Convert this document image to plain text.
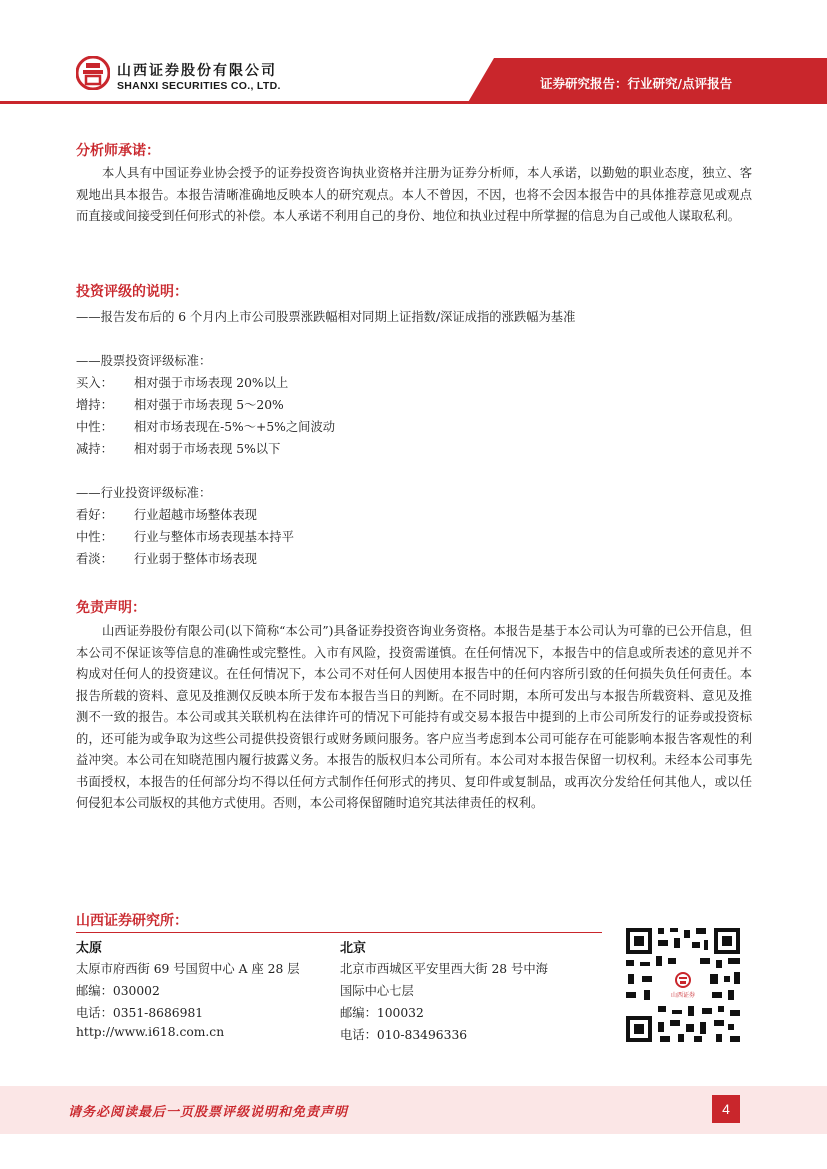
山西证券股份有限公司
SHANXI SECURITIES CO., LTD.	证券研究报告：行业研究/点评报告
分析师承诺：

本人具有中国证券业协会授予的证券投资咨询执业资格并注册为证券分析师，本人承诺，以勤勉的职业态度，独立、客观地出具本报告。本报告清晰准确地反映本人的研究观点。本人不曾因，不因，也将不会因本报告中的具体推荐意见或观点而直接或间接受到任何形式的补偿。本人承诺不利用自己的身份、地位和执业过程中所掌握的信息为自己或他人谋取私利。

投资评级的说明：
——报告发布后的 6 个月内上市公司股票涨跌幅相对同期上证指数/深证成指的涨跌幅为基准
——股票投资评级标准：
买入： 相对强于市场表现 20%以上
增持： 相对强于市场表现 5～20%
中性： 相对市场表现在-5%～+5%之间波动
减持： 相对弱于市场表现 5%以下
——行业投资评级标准：
看好： 行业超越市场整体表现
中性： 行业与整体市场表现基本持平
看淡： 行业弱于整体市场表现
免责声明：

山西证券股份有限公司(以下简称“本公司”)具备证券投资咨询业务资格。本报告是基于本公司认为可靠的已公开信息，但本公司不保证该等信息的准确性或完整性。入市有风险，投资需谨慎。在任何情况下，本报告中的信息或所表述的意见并不构成对任何人的投资建议。在任何情况下，本公司不对任何人因使用本报告中的任何内容所引致的任何损失负任何责任。本报告所载的资料、意见及推测仅反映本所于发布本报告当日的判断。在不同时期，本所可发出与本报告所载资料、意见及推测不一致的报告。本公司或其关联机构在法律许可的情况下可能持有或交易本报告中提到的上市公司所发行的证券或投资标的，还可能为或争取为这些公司提供投资银行或财务顾问服务。客户应当考虑到本公司可能存在可能影响本报告客观性的利益冲突。本公司在知晓范围内履行披露义务。本报告的版权归本公司所有。本公司对本报告保留一切权利。未经本公司事先书面授权，本报告的任何部分均不得以任何方式制作任何形式的拷贝、复印件或复制品，或再次分发给任何其他人，或以任何侵犯本公司版权的其他方式使用。否则，本公司将保留随时追究其法律责任的权利。

山西证券研究所：
太原
太原市府西街 69 号国贸中心 A 座 28 层
邮编：030002
电话：0351-8686981
http://www.i618.com.cn
北京
北京市西城区平安里西大街 28 号中海
国际中心七层
邮编：100032
电话：010-83496336
山西证券
请务必阅读最后一页股票评级说明和免责声明	4
